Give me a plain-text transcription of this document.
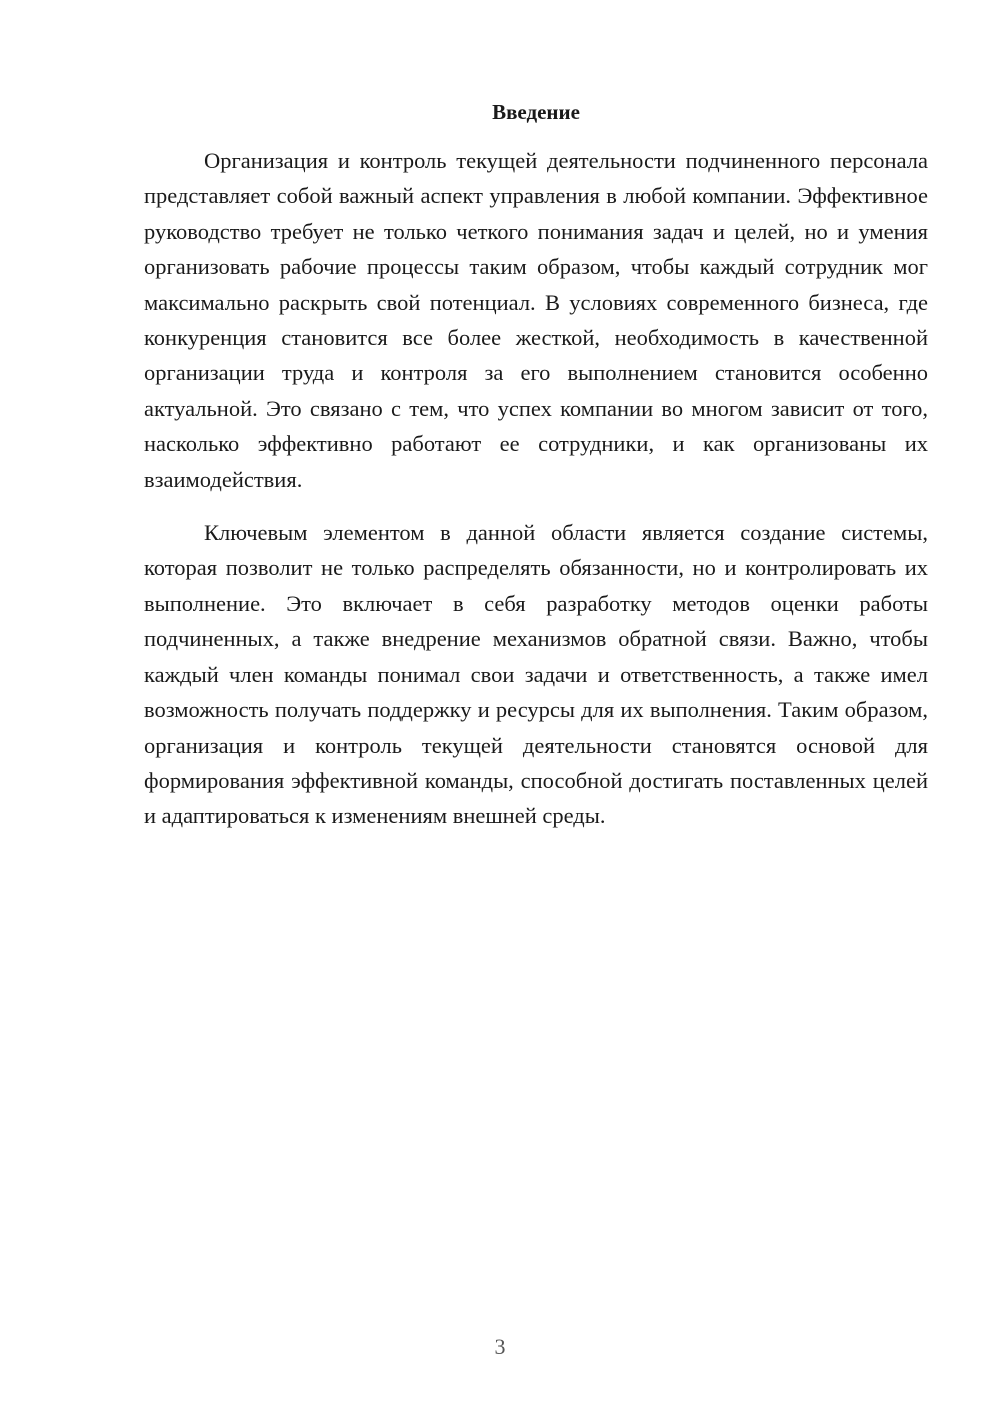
Введение

Организация и контроль текущей деятельности подчиненного персонала представляет собой важный аспект управления в любой компании. Эффективное руководство требует не только четкого понимания задач и целей, но и умения организовать рабочие процессы таким образом, чтобы каждый сотрудник мог максимально раскрыть свой потенциал. В условиях современного бизнеса, где конкуренция становится все более жесткой, необходимость в качественной организации труда и контроля за его выполнением становится особенно актуальной. Это связано с тем, что успех компании во многом зависит от того, насколько эффективно работают ее сотрудники, и как организованы их взаимодействия.

Ключевым элементом в данной области является создание системы, которая позволит не только распределять обязанности, но и контролировать их выполнение. Это включает в себя разработку методов оценки работы подчиненных, а также внедрение механизмов обратной связи. Важно, чтобы каждый член команды понимал свои задачи и ответственность, а также имел возможность получать поддержку и ресурсы для их выполнения. Таким образом, организация и контроль текущей деятельности становятся основой для формирования эффективной команды, способной достигать поставленных целей и адаптироваться к изменениям внешней среды.

3
